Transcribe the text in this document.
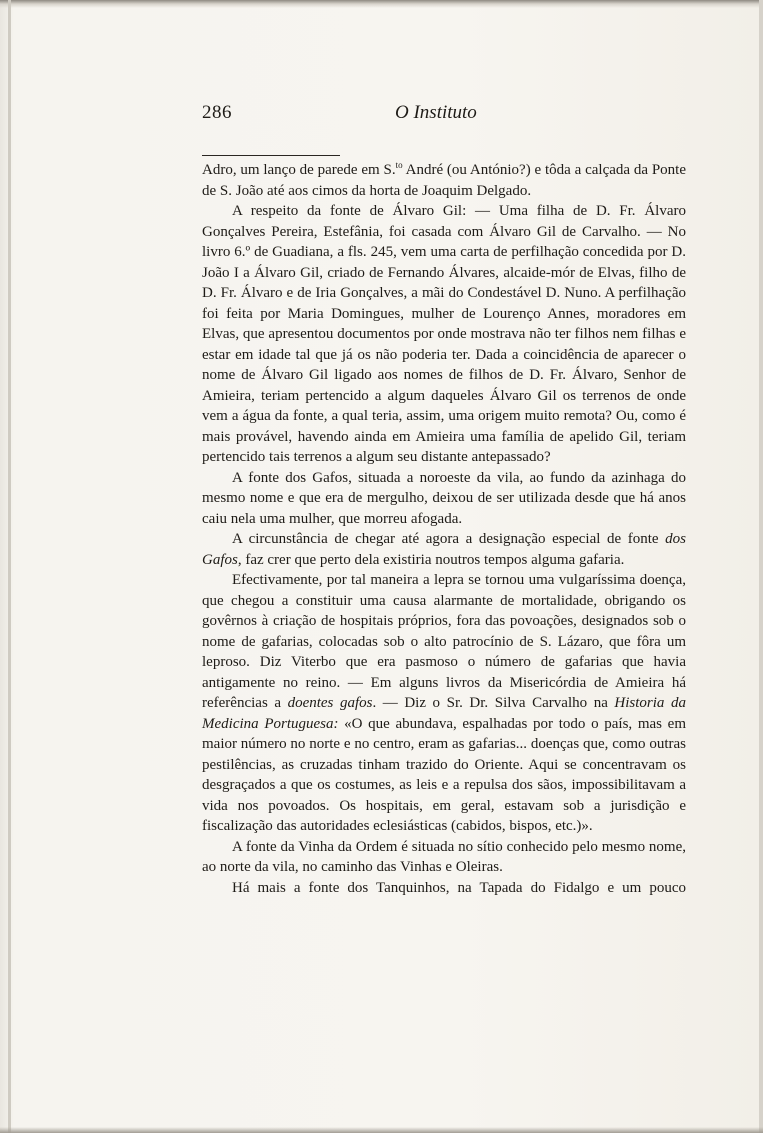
286	O Instituto

Adro, um lanço de parede em S.$^{to}$ André (ou António?) e tôda a calçada da Ponte de S. João até aos cimos da horta de Joaquim Delgado.

A respeito da fonte de Álvaro Gil: — Uma filha de D. Fr. Álvaro Gonçalves Pereira, Estefânia, foi casada com Álvaro Gil de Carvalho. — No livro 6.º de Guadiana, a fls. 245, vem uma carta de perfilhação concedida por D. João I a Álvaro Gil, criado de Fernando Álvares, alcaide-mór de Elvas, filho de D. Fr. Álvaro e de Iria Gonçalves, a mãi do Condestável D. Nuno. A perfilhação foi feita por Maria Domingues, mulher de Lourenço Annes, moradores em Elvas, que apresentou documentos por onde mostrava não ter filhos nem filhas e estar em idade tal que já os não poderia ter. Dada a coincidência de aparecer o nome de Álvaro Gil ligado aos nomes de filhos de D. Fr. Álvaro, Senhor de Amieira, teriam pertencido a algum daqueles Álvaro Gil os terrenos de onde vem a água da fonte, a qual teria, assim, uma origem muito remota? Ou, como é mais provável, havendo ainda em Amieira uma família de apelido Gil, teriam pertencido tais terrenos a algum seu distante antepassado?

A fonte dos Gafos, situada a noroeste da vila, ao fundo da azinhaga do mesmo nome e que era de mergulho, deixou de ser utilizada desde que há anos caiu nela uma mulher, que morreu afogada.

A circunstância de chegar até agora a designação especial de fonte dos Gafos, faz crer que perto dela existiria noutros tempos alguma gafaria.

Efectivamente, por tal maneira a lepra se tornou uma vulgaríssima doença, que chegou a constituir uma causa alarmante de mortalidade, obrigando os govêrnos à criação de hospitais próprios, fora das povoações, designados sob o nome de gafarias, colocadas sob o alto patrocínio de S. Lázaro, que fôra um leproso. Diz Viterbo que era pasmoso o número de gafarias que havia antigamente no reino. — Em alguns livros da Misericórdia de Amieira há referências a doentes gafos. — Diz o Sr. Dr. Silva Carvalho na Historia da Medicina Portuguesa: «O que abundava, espalhadas por todo o país, mas em maior número no norte e no centro, eram as gafarias... doenças que, como outras pestilências, as cruzadas tinham trazido do Oriente. Aqui se concentravam os desgraçados a que os costumes, as leis e a repulsa dos sãos, impossibilitavam a vida nos povoados. Os hospitais, em geral, estavam sob a jurisdição e fiscalização das autoridades eclesiásticas (cabidos, bispos, etc.)».

A fonte da Vinha da Ordem é situada no sítio conhecido pelo mesmo nome, ao norte da vila, no caminho das Vinhas e Oleiras.

Há mais a fonte dos Tanquinhos, na Tapada do Fidalgo e um pouco
